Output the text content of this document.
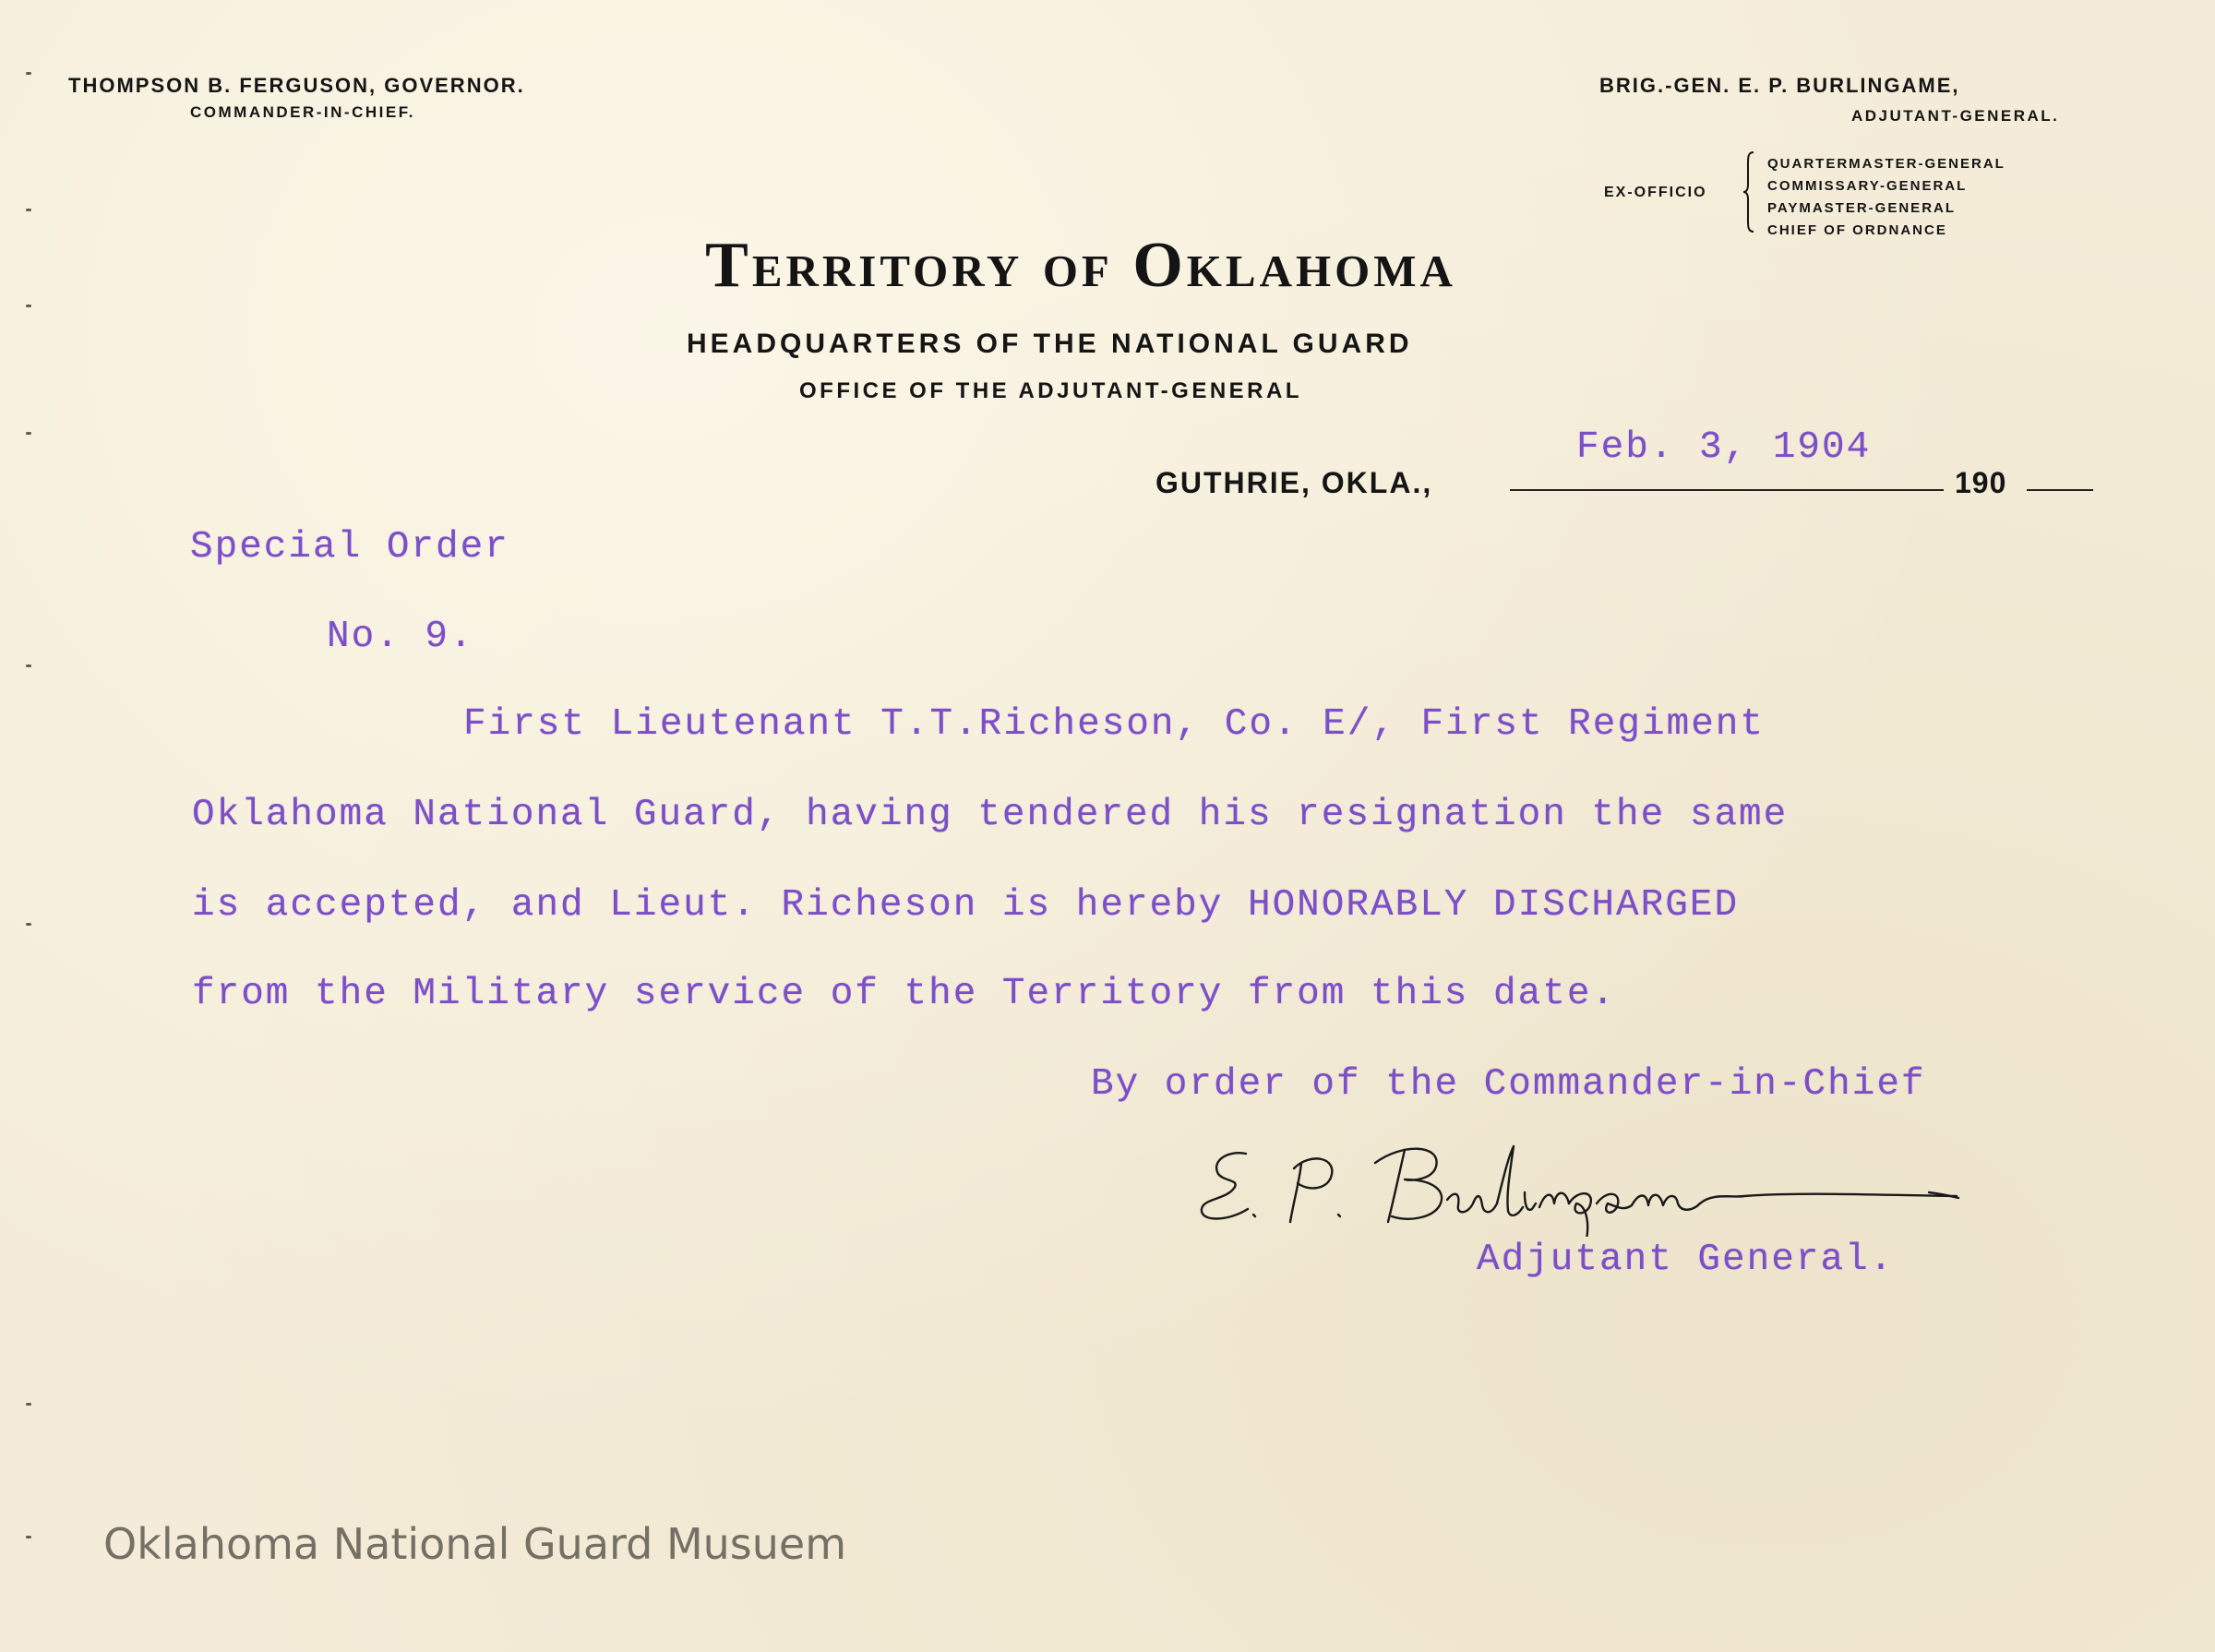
THOMPSON B. FERGUSON, GOVERNOR.
COMMANDER-IN-CHIEF.
BRIG.-GEN. E. P. BURLINGAME,
ADJUTANT-GENERAL.
EX-OFFICIO
QUARTERMASTER-GENERAL
COMMISSARY-GENERAL
PAYMASTER-GENERAL
CHIEF OF ORDNANCE
Territory of Oklahoma
HEADQUARTERS OF THE NATIONAL GUARD
OFFICE OF THE ADJUTANT-GENERAL
Feb. 3, 1904
GUTHRIE, OKLA.,	190
Special Order
No. 9.
First Lieutenant T.T.Richeson, Co. E/, First Regiment
Oklahoma National Guard, having tendered his resignation the same
is accepted, and Lieut. Richeson is hereby HONORABLY DISCHARGED
from the Military service of the Territory from this date.
By order of the Commander-in-Chief
Adjutant General.
Oklahoma National Guard Musuem
